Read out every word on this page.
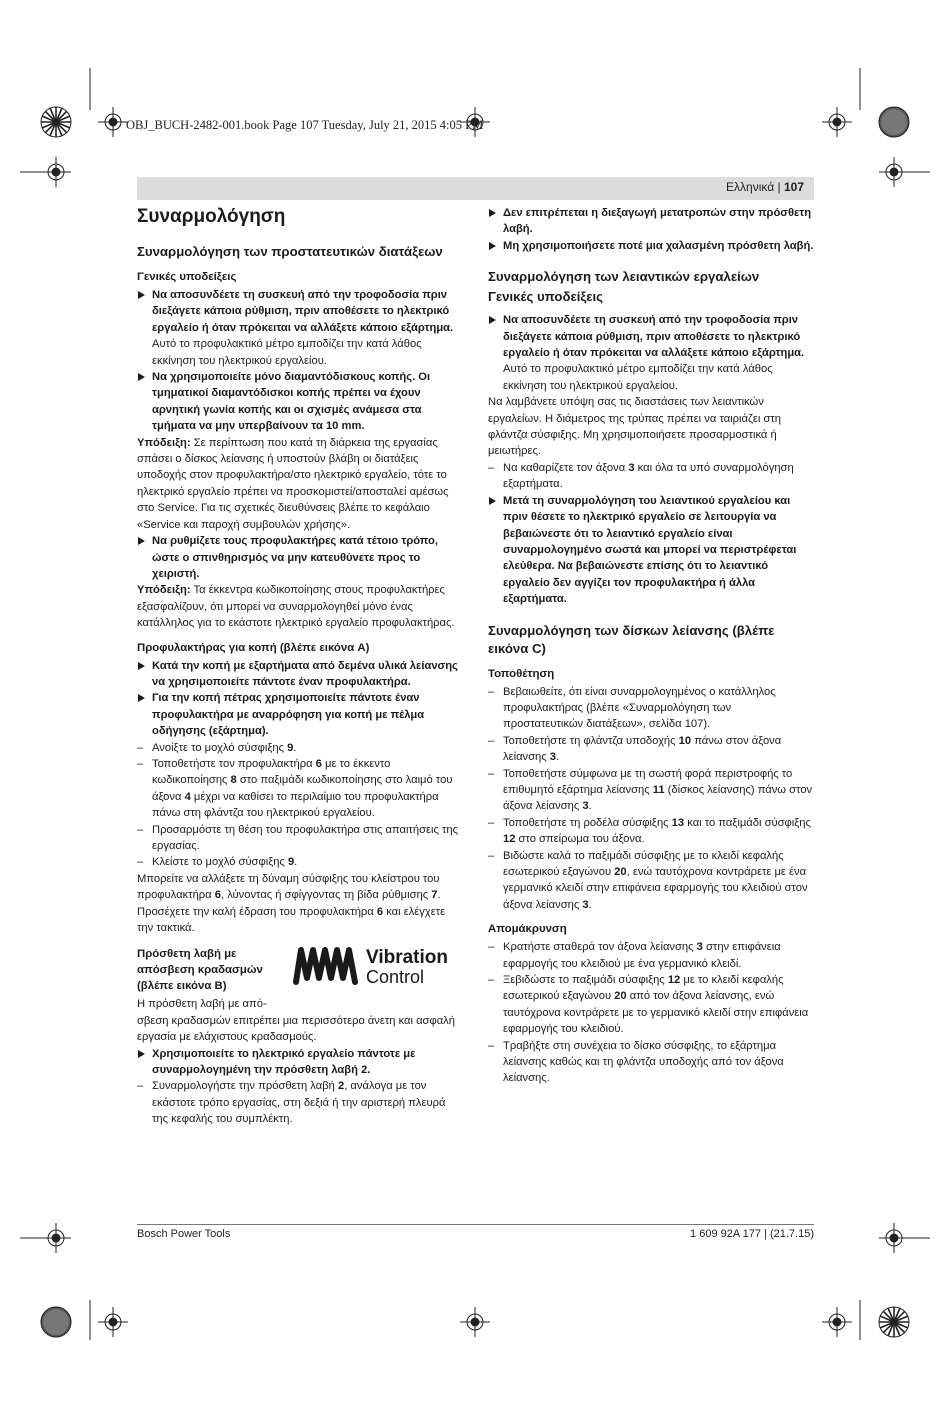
OBJ_BUCH-2482-001.book Page 107 Tuesday, July 21, 2015 4:05 PM
Ελληνικά | 107
Συναρμολόγηση
Συναρμολόγηση των προστατευτικών διατάξεων
Γενικές υποδείξεις

Να αποσυνδέετε τη συσκευή από την τροφοδοσία πριν διεξάγετε κάποια ρύθμιση, πριν αποθέσετε το ηλεκτρικό εργαλείο ή όταν πρόκειται να αλλάξετε κάποιο εξάρτημα. Αυτό το προφυλακτικό μέτρο εμποδίζει την κατά λάθος εκκίνηση του ηλεκτρικού εργαλείου.

Να χρησιμοποιείτε μόνο διαμαντόδισκους κοπής. Οι τμηματικοί διαμαντόδισκοι κοπής πρέπει να έχουν αρνητική γωνία κοπής και οι σχισμές ανάμεσα στα τμήματα να μην υπερβαίνουν τα 10 mm.

Υπόδειξη: Σε περίπτωση που κατά τη διάρκεια της εργασίας σπάσει ο δίσκος λείανσης ή υποστούν βλάβη οι διατάξεις υποδοχής στον προφυλακτήρα/στο ηλεκτρικό εργαλείο, τότε το ηλεκτρικό εργαλείο πρέπει να προσκομιστεί/αποσταλεί αμέσως στο Service. Για τις σχετικές διευθύνσεις βλέπε το κεφάλαιο «Service και παροχή συμβουλών χρήσης».

Να ρυθμίζετε τους προφυλακτήρες κατά τέτοιο τρόπο, ώστε ο σπινθηρισμός να μην κατευθύνετε προς το χειριστή.

Υπόδειξη: Τα έκκεντρα κωδικοποίησης στους προφυλακτήρες εξασφαλίζουν, ότι μπορεί να συναρμολογηθεί μόνο ένας κατάλληλος για το εκάστοτε ηλεκτρικό εργαλείο προφυλακτήρας.

Προφυλακτήρας για κοπή (βλέπε εικόνα A)

Κατά την κοπή με εξαρτήματα από δεμένα υλικά λείανσης να χρησιμοποιείτε πάντοτε έναν προφυλακτήρα.

Για την κοπή πέτρας χρησιμοποιείτε πάντοτε έναν προφυλακτήρα με αναρρόφηση για κοπή με πέλμα οδήγησης (εξάρτημα).

– Ανοίξτε το μοχλό σύσφιξης 9.

– Τοποθετήστε τον προφυλακτήρα 6 με το έκκεντο κωδικοποίησης 8 στο παξιμάδι κωδικοποίησης στο λαιμό του άξονα 4 μέχρι να καθίσει το περιλαίμιο του προφυλακτήρα πάνω στη φλάντζα του ηλεκτρικού εργαλείου.

– Προσαρμόστε τη θέση του προφυλακτήρα στις απαιτήσεις της εργασίας.

– Κλείστε το μοχλό σύσφιξης 9.

Μπορείτε να αλλάξετε τη δύναμη σύσφιξης του κλείστρου του προφυλακτήρα 6, λύνοντας ή σφίγγοντας τη βίδα ρύθμισης 7. Προσέχετε την καλή έδραση του προφυλακτήρα 6 και ελέγχετε την τακτικά.

Πρόσθετη λαβή με απόσβεση κραδασμών (βλέπε εικόνα B)
Vibration
Control

Η πρόσθετη λαβή με από-
σβεση κραδασμών επιτρέπει μια περισσότερο άνετη και ασφαλή εργασία με ελάχιστους κραδασμούς.

Χρησιμοποιείτε το ηλεκτρικό εργαλείο πάντοτε με συναρμολογημένη την πρόσθετη λαβή 2.

– Συναρμολογήστε την πρόσθετη λαβή 2, ανάλογα με τον εκάστοτε τρόπο εργασίας, στη δεξιά ή την αριστερή πλευρά της κεφαλής του συμπλέκτη.

Δεν επιτρέπεται η διεξαγωγή μετατροπών στην πρόσθετη λαβή.

Μη χρησιμοποιήσετε ποτέ μια χαλασμένη πρόσθετη λαβή.

Συναρμολόγηση των λειαντικών εργαλείων
Γενικές υποδείξεις

Να αποσυνδέετε τη συσκευή από την τροφοδοσία πριν διεξάγετε κάποια ρύθμιση, πριν αποθέσετε το ηλεκτρικό εργαλείο ή όταν πρόκειται να αλλάξετε κάποιο εξάρτημα. Αυτό το προφυλακτικό μέτρο εμποδίζει την κατά λάθος εκκίνηση του ηλεκτρικού εργαλείου.

Να λαμβάνετε υπόψη σας τις διαστάσεις των λειαντικών εργαλείων. Η διάμετρος της τρύπας πρέπει να ταιριάζει στη φλάντζα σύσφιξης. Μη χρησιμοποιήσετε προσαρμοστικά ή μειωτήρες.

– Να καθαρίζετε τον άξονα 3 και όλα τα υπό συναρμολόγηση εξαρτήματα.

Μετά τη συναρμολόγηση του λειαντικού εργαλείου και πριν θέσετε το ηλεκτρικό εργαλείο σε λειτουργία να βεβαιώνεστε ότι το λειαντικό εργαλείο είναι συναρμολογημένο σωστά και μπορεί να περιστρέφεται ελεύθερα. Να βεβαιώνεστε επίσης ότι το λειαντικό εργαλείο δεν αγγίζει τον προφυλακτήρα ή άλλα εξαρτήματα.

Συναρμολόγηση των δίσκων λείανσης (βλέπε εικόνα C)
Τοποθέτηση

– Βεβαιωθείτε, ότι είναι συναρμολογημένος ο κατάλληλος προφυλακτήρας (βλέπε «Συναρμολόγηση των προστατευτικών διατάξεων», σελίδα 107).

– Τοποθετήστε τη φλάντζα υποδοχής 10 πάνω στον άξονα λείανσης 3.

– Τοποθετήστε σύμφωνα με τη σωστή φορά περιστροφής το επιθυμητό εξάρτημα λείανσης 11 (δίσκος λείανσης) πάνω στον άξονα λείανσης 3.

– Τοποθετήστε τη ροδέλα σύσφιξης 13 και το παξιμάδι σύσφιξης 12 στο σπείρωμα του άξονα.

– Βιδώστε καλά το παξιμάδι σύσφιξης με το κλειδί κεφαλής εσωτερικού εξαγώνου 20, ενώ ταυτόχρονα κοντράρετε με ένα γερμανικό κλειδί στην επιφάνεια εφαρμογής του κλειδιού στον άξονα λείανσης 3.

Απομάκρυνση

– Κρατήστε σταθερά τον άξονα λείανσης 3 στην επιφάνεια εφαρμογής του κλειδιού με ένα γερμανικό κλειδί.

– Ξεβιδώστε το παξιμάδι σύσφιξης 12 με το κλειδί κεφαλής εσωτερικού εξαγώνου 20 από τον άξονα λείανσης, ενώ ταυτόχρονα κοντράρετε με το γερμανικό κλειδί στην επιφάνεια εφαρμογής του κλειδιού.

– Τραβήξτε στη συνέχεια το δίσκο σύσφιξης, το εξάρτημα λείανσης καθώς και τη φλάντζα υποδοχής από τον άξονα λείανσης.

Bosch Power Tools	1 609 92A 177 | (21.7.15)
